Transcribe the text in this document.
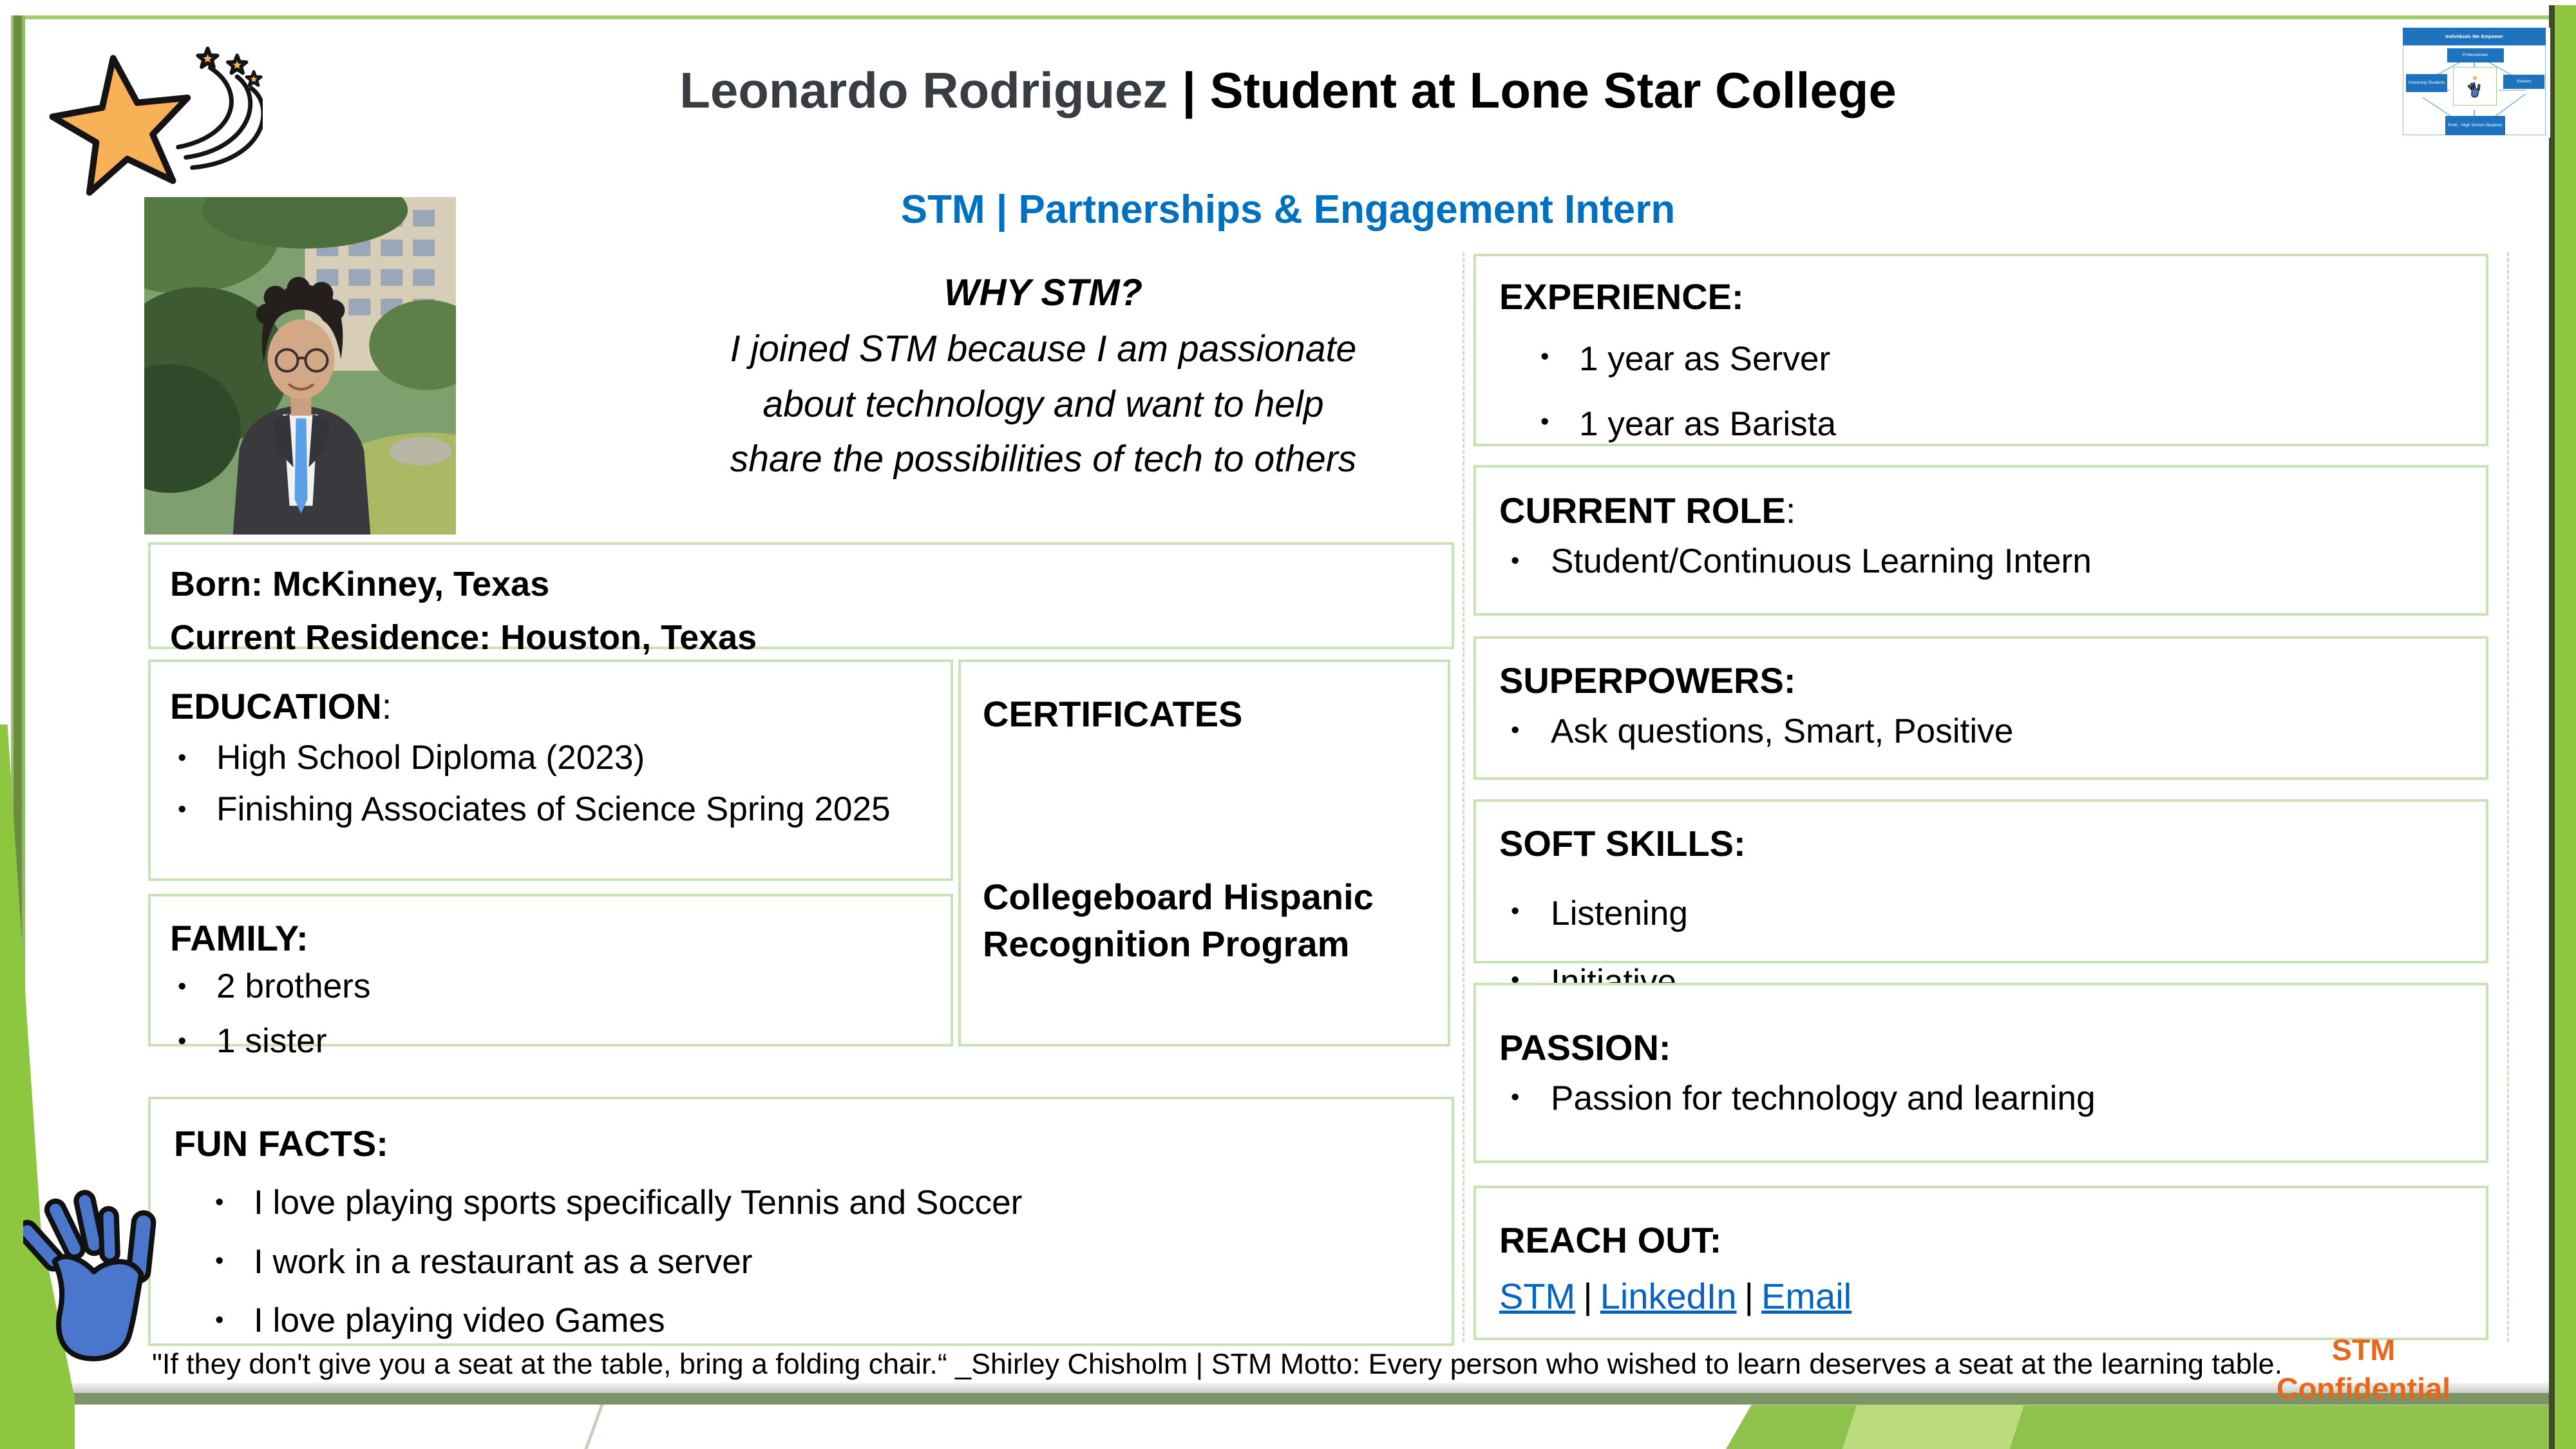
Individuals We Empower
Professionals
University Students	Seniors
PreK - High School Students
★
Leonardo Rodriguez | Student at Lone Star College
STM | Partnerships & Engagement Intern
WHY STM?
I joined STM because I am passionate
about technology and want to help
share the possibilities of tech to others
Born: McKinney, Texas
Current Residence: Houston, Texas
EDUCATION:
• High School Diploma (2023)
• Finishing Associates of Science Spring 2025
FAMILY:
• 2 brothers
• 1 sister
CERTIFICATES
Collegeboard Hispanic Recognition Program
FUN FACTS:
• I love playing sports specifically Tennis and Soccer
• I work in a restaurant as a server
• I love playing video Games
EXPERIENCE:
• 1 year as Server
• 1 year as Barista
CURRENT ROLE:
• Student/Continuous Learning Intern
SUPERPOWERS:
• Ask questions, Smart, Positive
SOFT SKILLS:
• Listening
•
PASSION:
• Passion for technology and learning
REACH OUT:
STM | LinkedIn | Email
"If they don't give you a seat at the table, bring a folding chair.“ _Shirley Chisholm | STM Motto: Every person who wished to learn deserves a seat at the learning table.	STM
Confidential
